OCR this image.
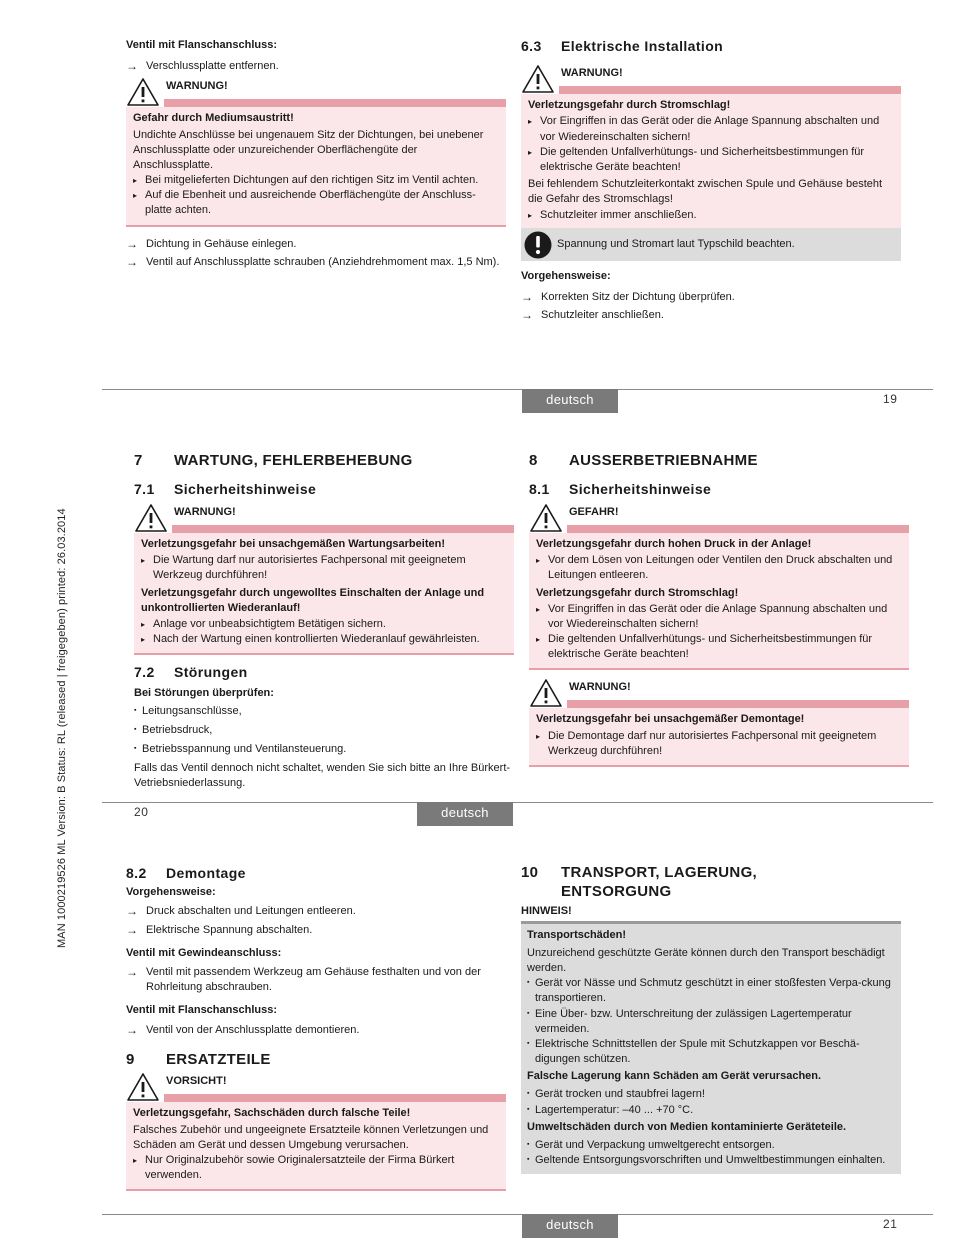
MAN 1000219526 ML Version: B Status: RL (released | freigegeben) printed: 26.03.2014
Ventil mit Flanschanschluss:
→ Verschlussplatte entfernen.
WARNUNG!
Gefahr durch Mediumsaustritt!
Undichte Anschlüsse bei ungenauem Sitz der Dichtungen, bei unebener Anschlussplatte oder unzureichender Oberflächengüte der Anschlussplatte.
▸ Bei mitgelieferten Dichtungen auf den richtigen Sitz im Ventil achten.
▸ Auf die Ebenheit und ausreichende Oberflächengüte der Anschluss-platte achten.
→ Dichtung in Gehäuse einlegen.
→ Ventil auf Anschlussplatte schrauben (Anziehdrehmoment max. 1,5 Nm).
6.3	Elektrische Installation
WARNUNG!
Verletzungsgefahr durch Stromschlag!
▸ Vor Eingriffen in das Gerät oder die Anlage Spannung abschalten und vor Wiedereinschalten sichern!
▸ Die geltenden Unfallverhütungs- und Sicherheitsbestimmungen für elektrische Geräte beachten!
Bei fehlendem Schutzleiterkontakt zwischen Spule und Gehäuse besteht die Gefahr des Stromschlags!
▸ Schutzleiter immer anschließen.
Spannung und Stromart laut Typschild beachten.
Vorgehensweise:
→ Korrekten Sitz der Dichtung überprüfen.
→ Schutzleiter anschließen.
deutsch	19
7	WARTUNG, FEHLERBEHEBUNG
7.1	Sicherheitshinweise
WARNUNG!
Verletzungsgefahr bei unsachgemäßen Wartungsarbeiten!
▸ Die Wartung darf nur autorisiertes Fachpersonal mit geeignetem Werkzeug durchführen!
Verletzungsgefahr durch ungewolltes Einschalten der Anlage und unkontrollierten Wiederanlauf!
▸ Anlage vor unbeabsichtigtem Betätigen sichern.
▸ Nach der Wartung einen kontrollierten Wiederanlauf gewährleisten.
7.2	Störungen
Bei Störungen überprüfen:
▪ Leitungsanschlüsse,
▪ Betriebsdruck,
▪ Betriebsspannung und Ventilansteuerung.
Falls das Ventil dennoch nicht schaltet, wenden Sie sich bitte an Ihre Bürkert-Vetriebsniederlassung.
8	AUSSERBETRIEBNAHME
8.1	Sicherheitshinweise
GEFAHR!
Verletzungsgefahr durch hohen Druck in der Anlage!
▸ Vor dem Lösen von Leitungen oder Ventilen den Druck abschalten und Leitungen entleeren.
Verletzungsgefahr durch Stromschlag!
▸ Vor Eingriffen in das Gerät oder die Anlage Spannung abschalten und vor Wiedereinschalten sichern!
▸ Die geltenden Unfallverhütungs- und Sicherheitsbestimmungen für elektrische Geräte beachten!
WARNUNG!
Verletzungsgefahr bei unsachgemäßer Demontage!
▸ Die Demontage darf nur autorisiertes Fachpersonal mit geeignetem Werkzeug durchführen!
20	deutsch
8.2	Demontage
Vorgehensweise:
→ Druck abschalten und Leitungen entleeren.
→ Elektrische Spannung abschalten.
Ventil mit Gewindeanschluss:
→ Ventil mit passendem Werkzeug am Gehäuse festhalten und von der Rohrleitung abschrauben.
Ventil mit Flanschanschluss:
→ Ventil von der Anschlussplatte demontieren.
9	ERSATZTEILE
VORSICHT!
Verletzungsgefahr, Sachschäden durch falsche Teile!
Falsches Zubehör und ungeeignete Ersatzteile können Verletzungen und Schäden am Gerät und dessen Umgebung verursachen.
▸ Nur Originalzubehör sowie Originalersatzteile der Firma Bürkert verwenden.
10	TRANSPORT, LAGERUNG,
ENTSORGUNG
HINWEIS!
Transportschäden!
Unzureichend geschützte Geräte können durch den Transport beschädigt werden.
▪ Gerät vor Nässe und Schmutz geschützt in einer stoßfesten Verpa-ckung transportieren.
▪ Eine Über- bzw. Unterschreitung der zulässigen Lagertemperatur vermeiden.
▪ Elektrische Schnittstellen der Spule mit Schutzkappen vor Beschä-digungen schützen.
Falsche Lagerung kann Schäden am Gerät verursachen.
▪ Gerät trocken und staubfrei lagern!
▪ Lagertemperatur: –40 ... +70 °C.
Umweltschäden durch von Medien kontaminierte Geräteteile.
▪ Gerät und Verpackung umweltgerecht entsorgen.
▪ Geltende Entsorgungsvorschriften und Umweltbestimmungen einhalten.
deutsch	21
